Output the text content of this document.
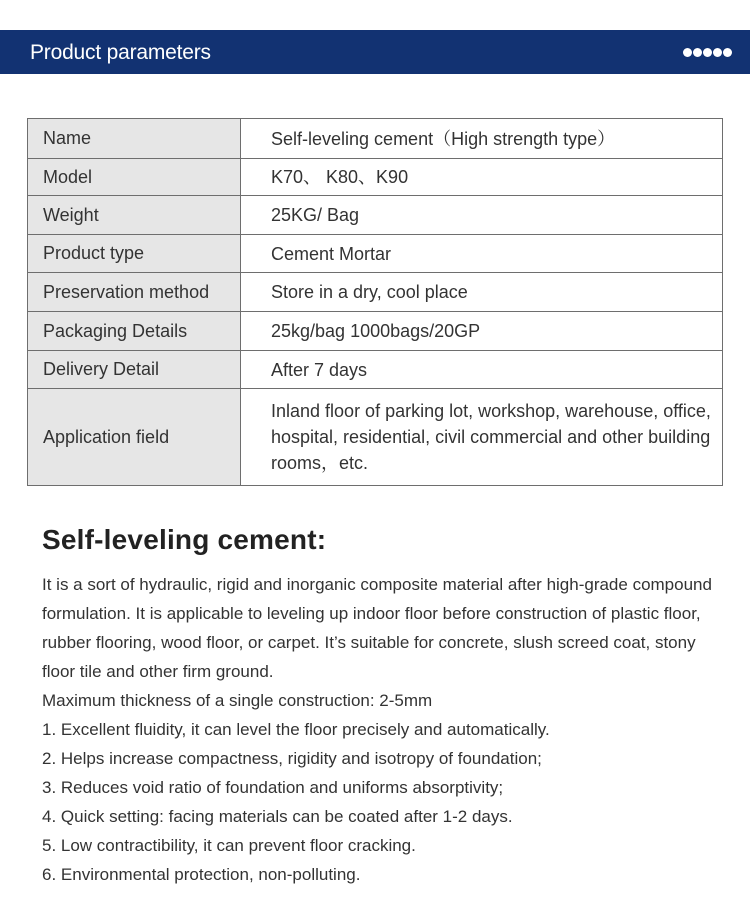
Product parameters
Name	Self-leveling cement（High strength type）
Model	K70、 K80、K90
Weight	25KG/ Bag
Product type	Cement Mortar
Preservation method	Store in a dry, cool place
Packaging Details	25kg/bag 1000bags/20GP
Delivery Detail	After 7 days
Application field	Inland floor of parking lot, workshop, warehouse, office, hospital, residential, civil commercial and other building rooms，etc.
Self-leveling cement:

It is a sort of hydraulic, rigid and inorganic composite material after high-grade compound formulation. It is applicable to leveling up indoor floor before construction of plastic floor, rubber flooring, wood floor, or carpet. It’s suitable for concrete, slush screed coat, stony floor tile and other firm ground.

Maximum thickness of a single construction: 2-5mm

1. Excellent fluidity, it can level the floor precisely and automatically.
2. Helps increase compactness, rigidity and isotropy of foundation;
3. Reduces void ratio of foundation and uniforms absorptivity;
4. Quick setting: facing materials can be coated after 1-2 days.
5. Low contractibility, it can prevent floor cracking.
6. Environmental protection, non-polluting.
